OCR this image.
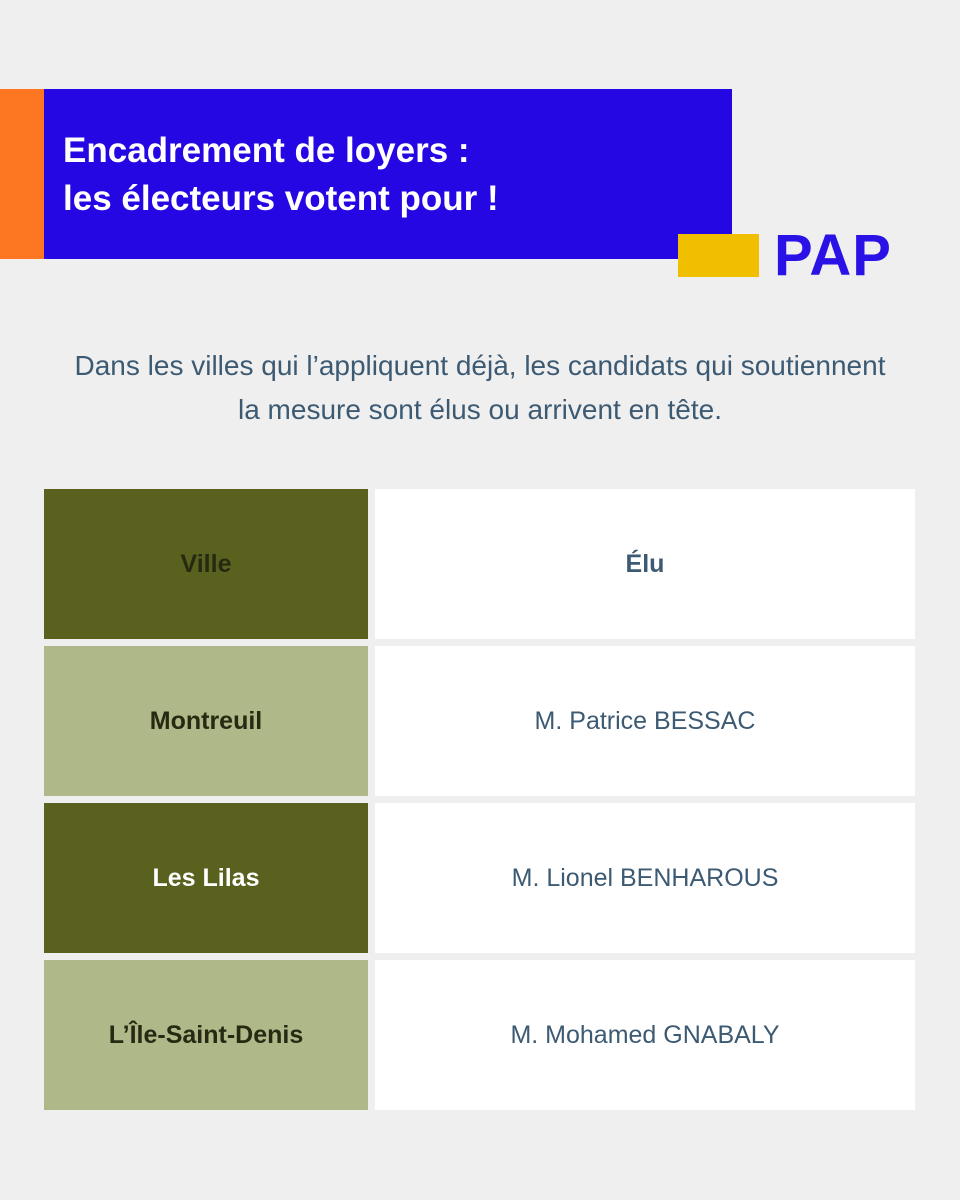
Encadrement de loyers :
les électeurs votent pour !
PAP
Dans les villes qui l’appliquent déjà, les candidats qui soutiennent la mesure sont élus ou arrivent en tête.
Ville	Élu
Montreuil	M. Patrice BESSAC
Les Lilas	M. Lionel BENHAROUS
L’Île-Saint-Denis	M. Mohamed GNABALY
